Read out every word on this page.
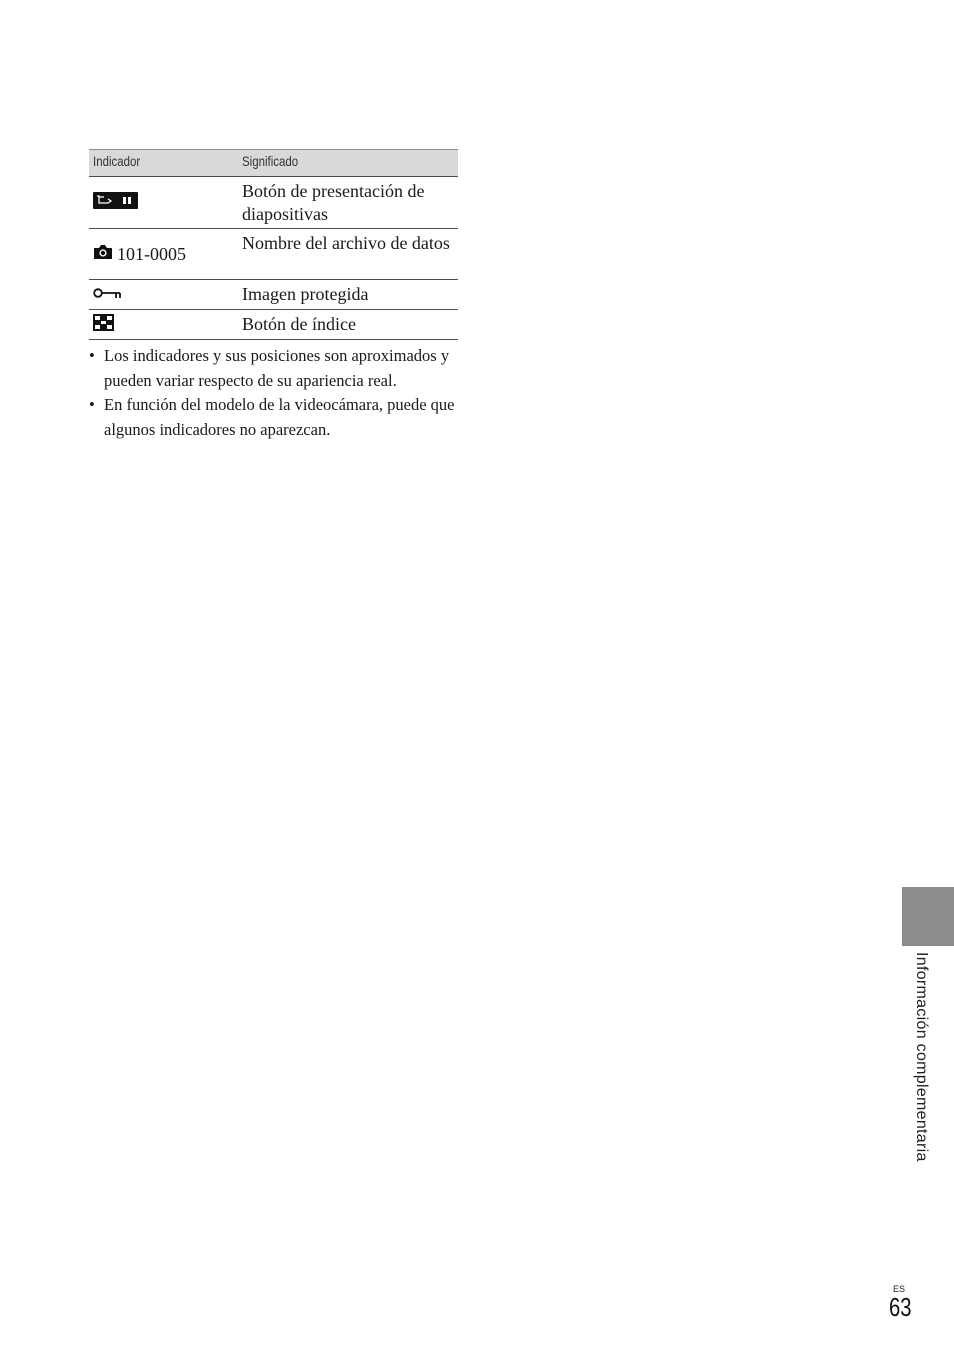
Indicador	Significado
Botón de presentación de diapositivas
101-0005
Nombre del archivo de datos
Imagen protegida
Botón de índice
• Los indicadores y sus posiciones son aproximados y pueden variar respecto de su apariencia real.
• En función del modelo de la videocámara, puede que algunos indicadores no aparezcan.
Información complementaria
ES
63
